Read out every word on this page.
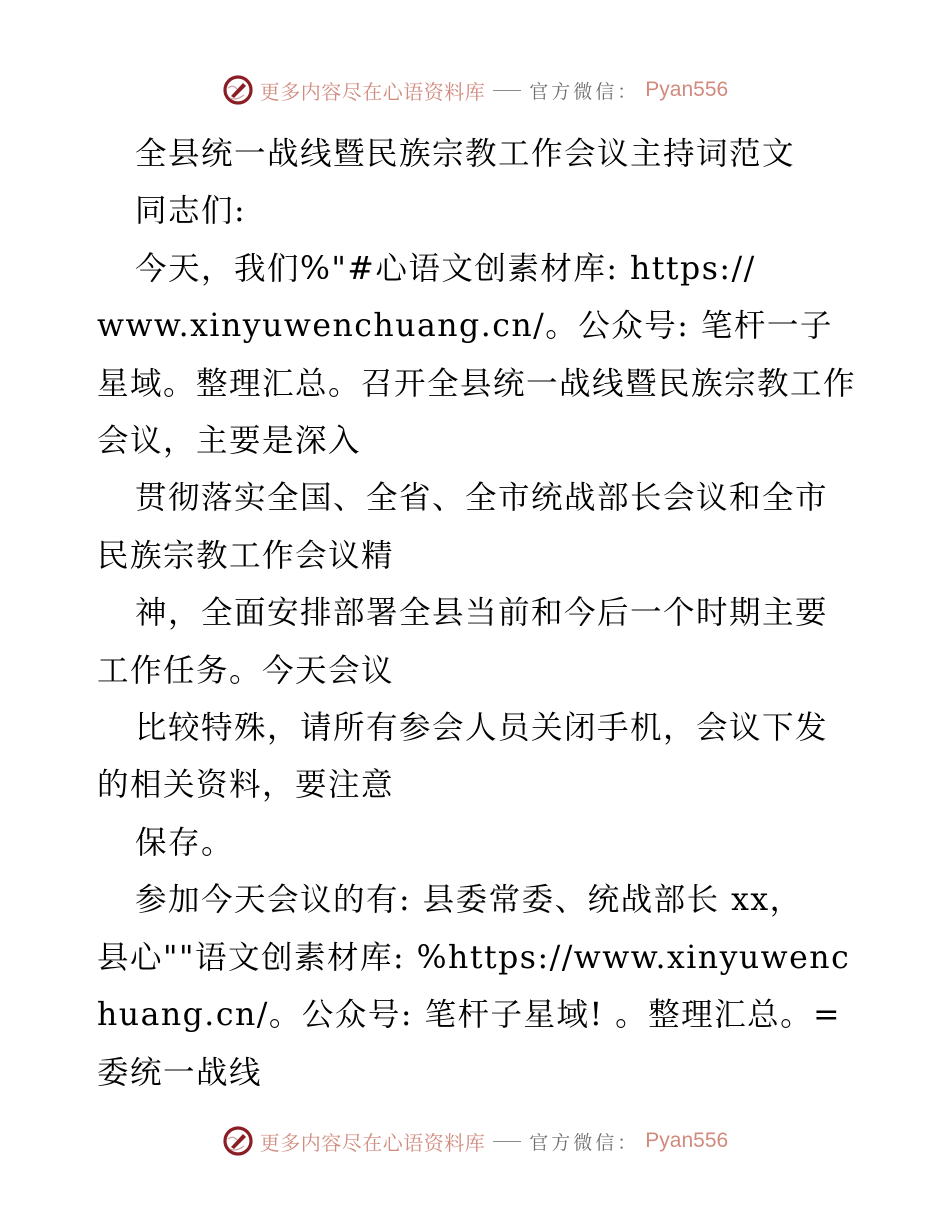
更多内容尽在心语资料库 官方微信： Pyan556

全县统一战线暨民族宗教工作会议主持词范文

同志们:

今天，我们%"#心语文创素材库: https://
www.xinyuwenchuang.cn/。公众号: 笔杆一子星域。整理汇总。召开全县统一战线暨民族宗教工作会议，主要是深入

贯彻落实全国、全省、全市统战部长会议和全市
民族宗教工作会议精

神，全面安排部署全县当前和今后一个时期主要
工作任务。今天会议

比较特殊，请所有参会人员关闭手机，会议下发
的相关资料，要注意

保存。

参加今天会议的有: 县委常委、统战部长 xx，
县心""语文创素材库: %https://www.xinyuwenchuang.cn/。公众号: 笔杆子星域! 。整理汇总。=委统一战线

更多内容尽在心语资料库 官方微信： Pyan556
